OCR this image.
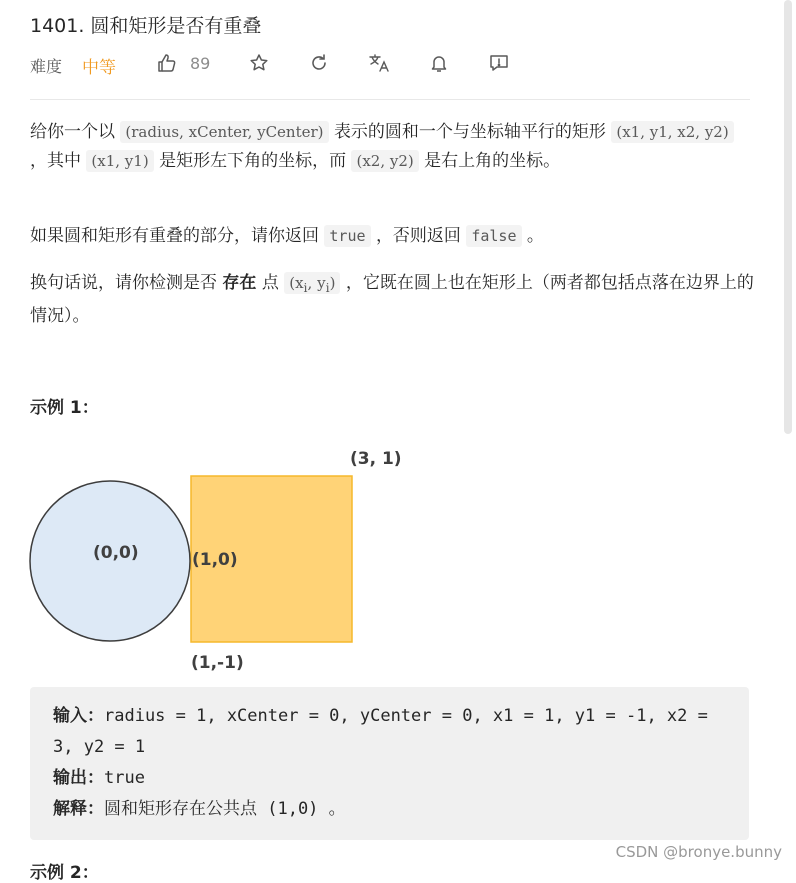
1401. 圆和矩形是否有重叠
难度 中等	89
给你一个以 (radius, xCenter, yCenter) 表示的圆和一个与坐标轴平行的矩形 (x1, y1, x2, y2) ，其中 (x1, y1) 是矩形左下角的坐标，而 (x2, y2) 是右上角的坐标。
如果圆和矩形有重叠的部分，请你返回 true ，否则返回 false 。
换句话说，请你检测是否 存在 点 ($x_i$, $y_i$) ，它既在圆上也在矩形上（两者都包括点落在边界上的情况）。
示例 1：
(0,0)
(3, 1)
(1,0)
(1,-1)
输入：radius = 1, xCenter = 0, yCenter = 0, x1 = 1, y1 = -1, x2 = 3, y2 = 1
输出：true
解释：圆和矩形存在公共点 (1,0) 。
示例 2：
CSDN @bronye.bunny
